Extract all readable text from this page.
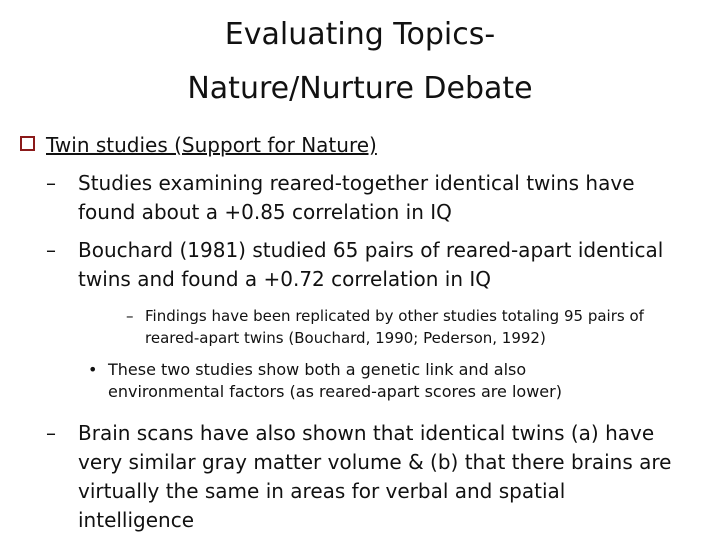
Evaluating Topics-
Nature/Nurture Debate
Twin studies (Support for Nature)
– Studies examining reared-together identical twins have
found about a +0.85 correlation in IQ
– Bouchard (1981) studied 65 pairs of reared-apart identical
twins and found a +0.72 correlation in IQ
– Findings have been replicated by other studies totaling 95 pairs of
reared-apart twins (Bouchard, 1990; Pederson, 1992)
• These two studies show both a genetic link and also
environmental factors (as reared-apart scores are lower)
– Brain scans have also shown that identical twins (a) have
very similar gray matter volume & (b) that there brains are
virtually the same in areas for verbal and spatial
intelligence
